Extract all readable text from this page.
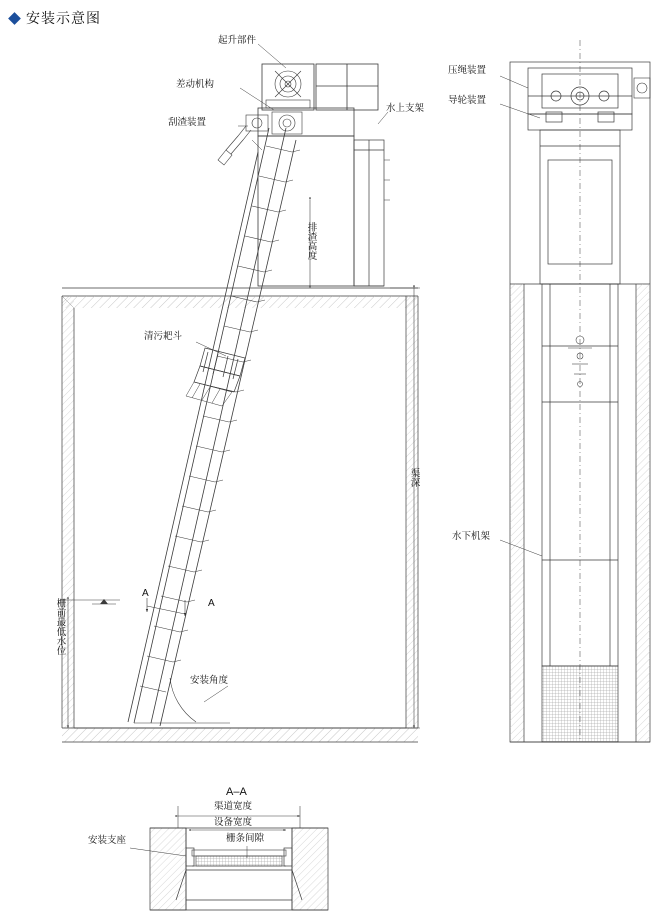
安装示意图
起升部件
差动机构
刮渣装置
水上支架
排渣高度
清污耙斗
渠深
栅前最低水位
安装角度
A
A
压绳装置
导轮装置
水下机架
A–A
渠道宽度
设备宽度
栅条间隙
安装支座
